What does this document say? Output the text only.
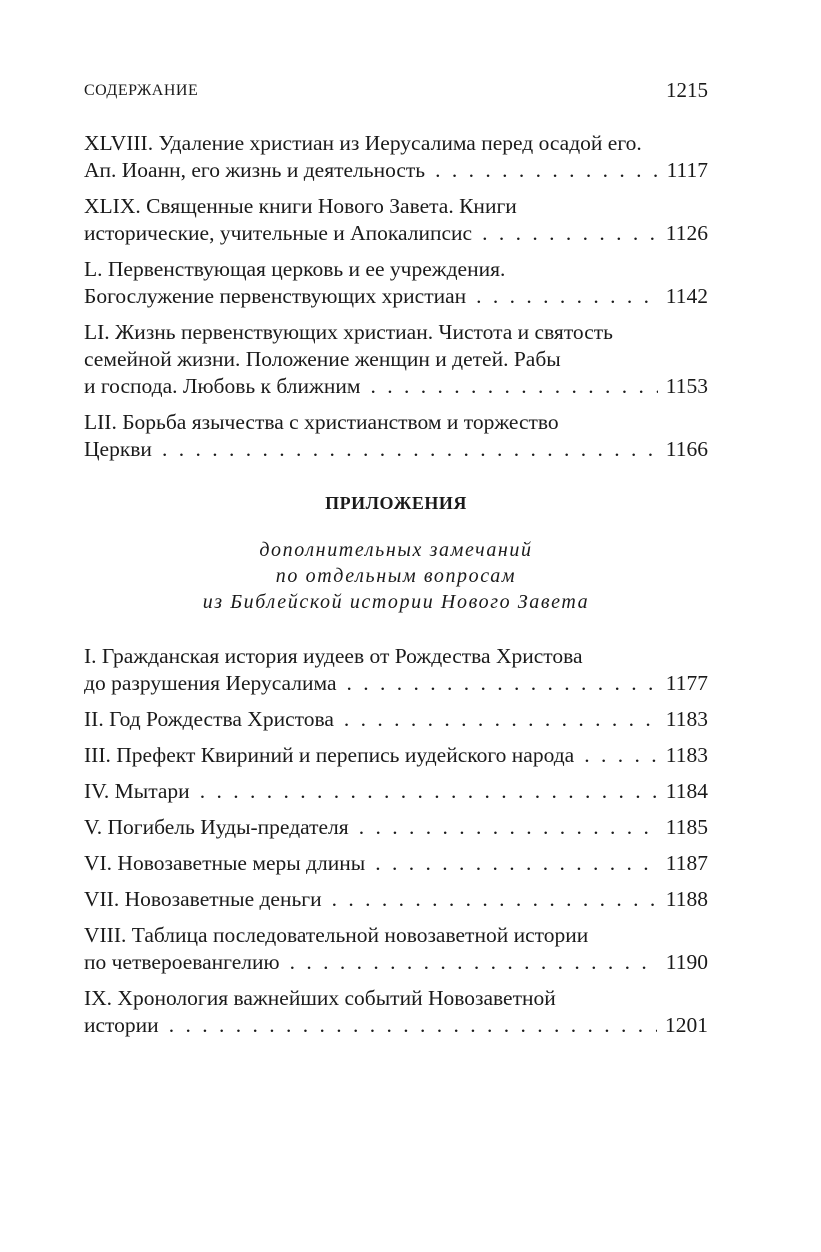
СОДЕРЖАНИЕ	1215
XLVIII. Удаление христиан из Иерусалима перед осадой его.
Ап. Иоанн, его жизнь и деятельность . . .	1117
XLIX. Священные книги Нового Завета. Книги
исторические, учительные и Апокалипсис . . .	1126
L. Первенствующая церковь и ее учреждения.
Богослужение первенствующих христиан . . .	1142
LI. Жизнь первенствующих христиан. Чистота и святость
семейной жизни. Положение женщин и детей. Рабы
и господа. Любовь к ближним . . .	1153
LII. Борьба язычества с христианством и торжество
Церкви . . .	1166
ПРИЛОЖЕНИЯ
дополнительных замечаний
по отдельным вопросам
из Библейской истории Нового Завета
I. Гражданская история иудеев от Рождества Христова
до разрушения Иерусалима . . .	1177
II. Год Рождества Христова . . .	1183
III. Префект Квириний и перепись иудейского народа . . .	1183
IV. Мытари . . .	1184
V. Погибель Иуды-предателя . . .	1185
VI. Новозаветные меры длины . . .	1187
VII. Новозаветные деньги . . .	1188
VIII. Таблица последовательной новозаветной истории
по четвероевангелию . . .	1190
IX. Хронология важнейших событий Новозаветной
истории . . .	1201
